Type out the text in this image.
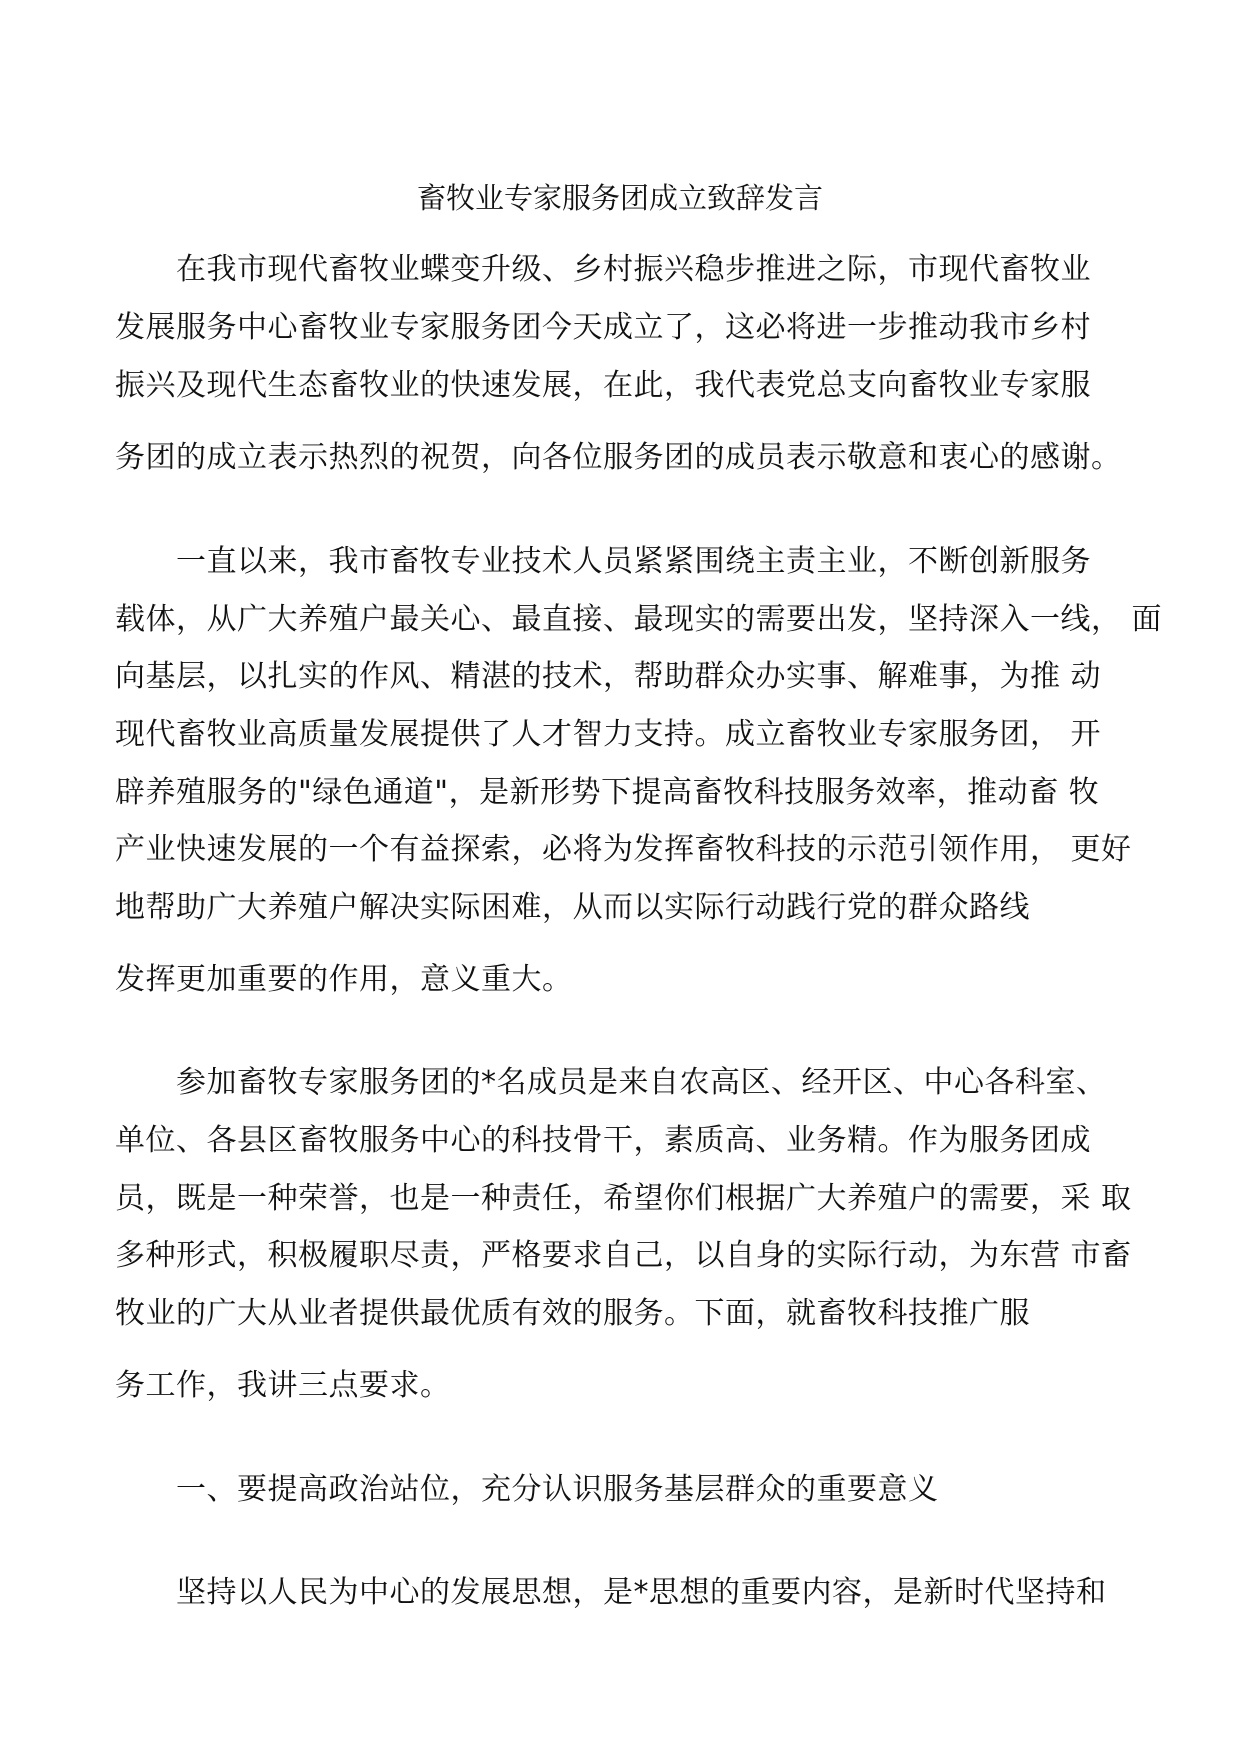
畜牧业专家服务团成立致辞发言
在我市现代畜牧业蝶变升级、乡村振兴稳步推进之际，市现代畜牧业
发展服务中心畜牧业专家服务团今天成立了，这必将进一步推动我市乡村
振兴及现代生态畜牧业的快速发展，在此，我代表党总支向畜牧业专家服
务团的成立表示热烈的祝贺，向各位服务团的成员表示敬意和衷心的感谢。
一直以来，我市畜牧专业技术人员紧紧围绕主责主业，不断创新服务
载体，从广大养殖户最关心、最直接、最现实的需要出发，坚持深入一线， 面
向基层，以扎实的作风、精湛的技术，帮助群众办实事、解难事，为推 动
现代畜牧业高质量发展提供了人才智力支持。成立畜牧业专家服务团， 开
辟养殖服务的"绿色通道"，是新形势下提高畜牧科技服务效率，推动畜 牧
产业快速发展的一个有益探索，必将为发挥畜牧科技的示范引领作用， 更好
地帮助广大养殖户解决实际困难，从而以实际行动践行党的群众路线
发挥更加重要的作用，意义重大。
参加畜牧专家服务团的*名成员是来自农高区、经开区、中心各科室、
单位、各县区畜牧服务中心的科技骨干，素质高、业务精。作为服务团成
员，既是一种荣誉，也是一种责任，希望你们根据广大养殖户的需要，采 取
多种形式，积极履职尽责，严格要求自己，以自身的实际行动，为东营 市畜
牧业的广大从业者提供最优质有效的服务。下面，就畜牧科技推广服
务工作，我讲三点要求。
一、要提高政治站位，充分认识服务基层群众的重要意义
坚持以人民为中心的发展思想，是*思想的重要内容，是新时代坚持和
